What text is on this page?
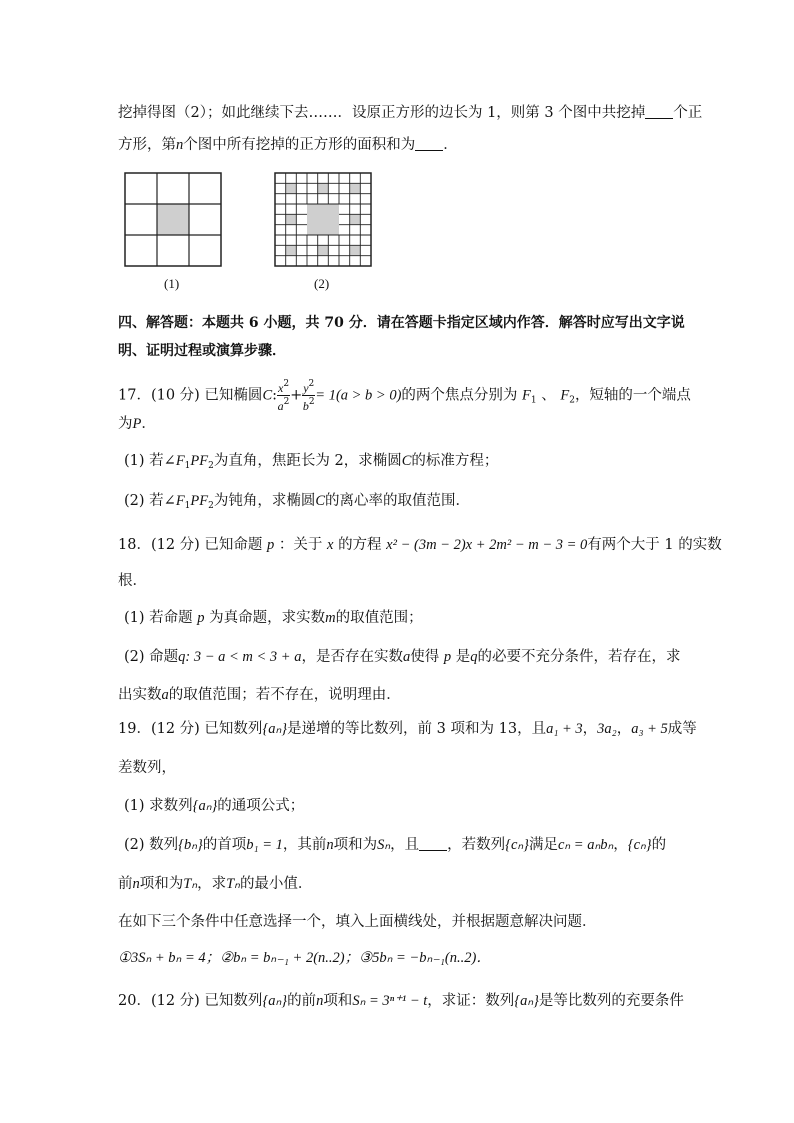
挖掉得图（2）；如此继续下去……．设原正方形的边长为 1，则第 3 个图中共挖掉 个正
方形，第n个图中所有挖掉的正方形的面积和为 ．
(1)	(2)
四、解答题：本题共 6 小题，共 70 分．请在答题卡指定区域内作答．解答时应写出文字说
明、证明过程或演算步骤．
17．(10 分) 已知椭圆C: $\frac{x^2}{a^2} + \frac{y^2}{b^2} = 1(a > b > 0)$的两个焦点分别为 $F_1$ 、 $F_2$，短轴的一个端点
为P．
(1) 若$\angle F_1PF_2$为直角，焦距长为 2，求椭圆C的标准方程；
(2) 若$\angle F_1PF_2$为钝角，求椭圆C的离心率的取值范围．
18．(12 分) 已知命题 p ：关于 x 的方程 x² − (3m − 2)x + 2m² − m − 3 = 0有两个大于 1 的实数
根．
(1) 若命题 p 为真命题，求实数m的取值范围；
(2) 命题q: 3 − a < m < 3 + a，是否存在实数a使得 p 是q的必要不充分条件，若存在，求
出实数a的取值范围；若不存在，说明理由．
19．(12 分) 已知数列{aₙ}是递增的等比数列，前 3 项和为 13，且a₁ + 3，3a₂，a₃ + 5成等
差数列，
(1) 求数列{aₙ}的通项公式；
(2) 数列{bₙ}的首项b₁ = 1，其前n项和为Sₙ，且 ，若数列{cₙ}满足cₙ = aₙbₙ，{cₙ}的
前n项和为Tₙ，求Tₙ的最小值．
在如下三个条件中任意选择一个，填入上面横线处，并根据题意解决问题．
①3Sₙ + bₙ = 4；②bₙ = bₙ₋₁ + 2(n..2)；③5bₙ = −bₙ₋₁(n..2)．
20．(12 分) 已知数列{aₙ}的前n项和Sₙ = 3ⁿ⁺¹ − t，求证：数列{aₙ}是等比数列的充要条件
